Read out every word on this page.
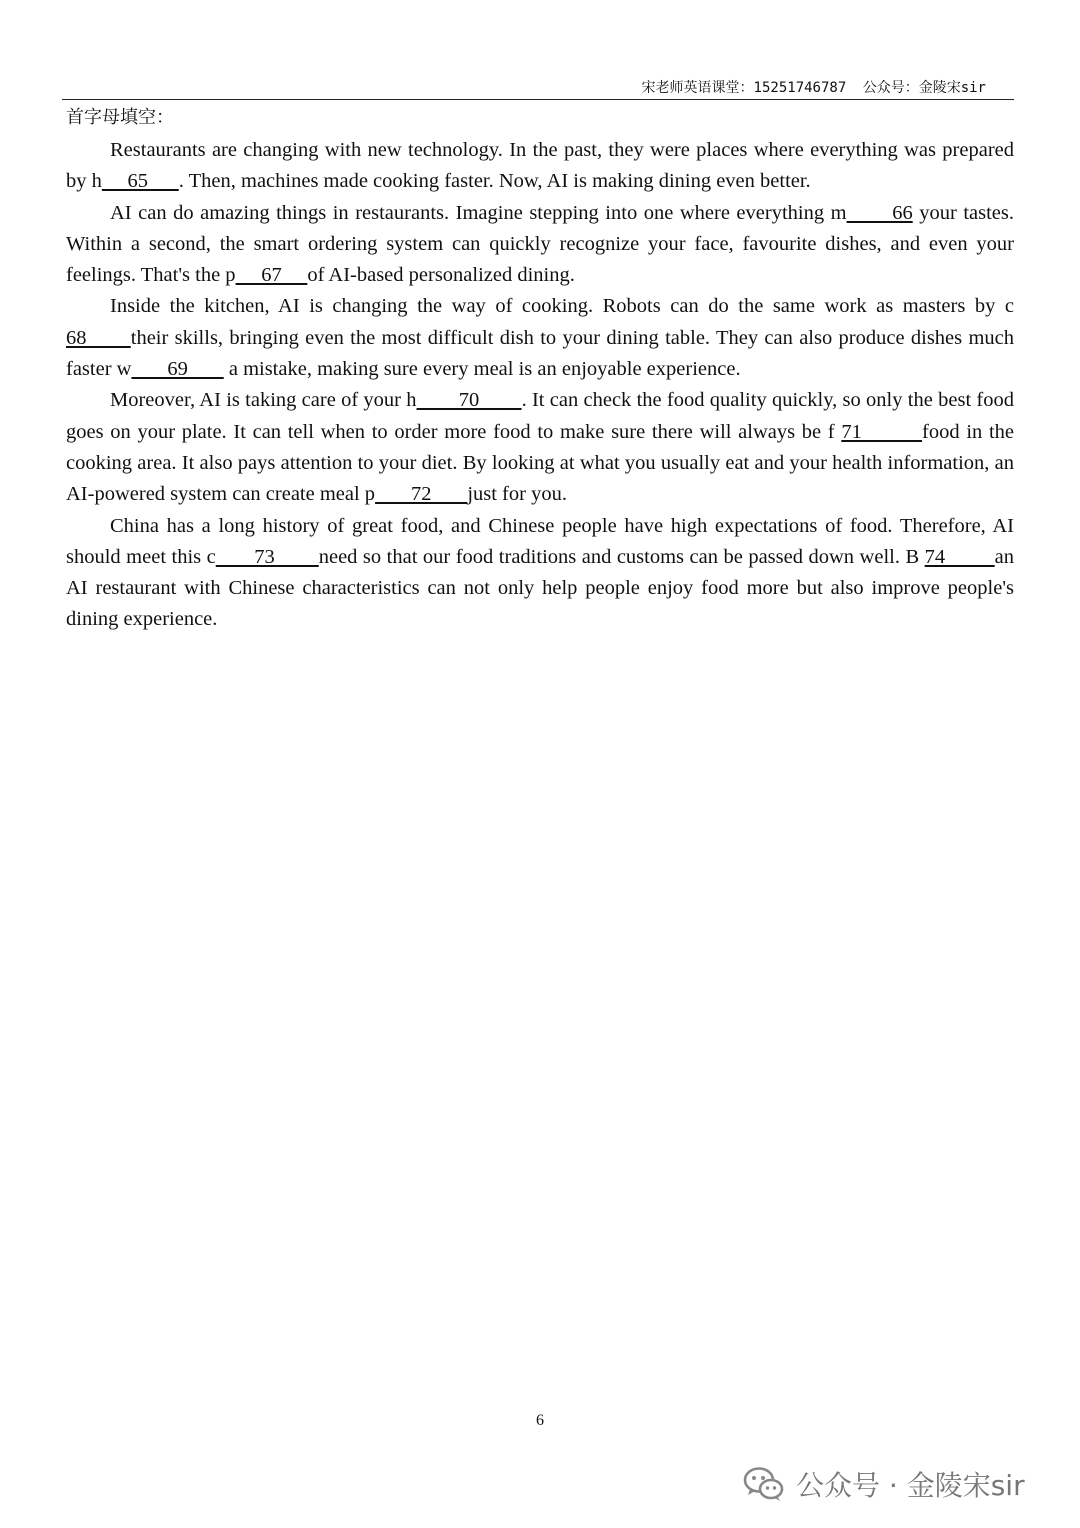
宋老师英语课堂：15251746787 公众号：金陵宋sir
首字母填空：

Restaurants are changing with new technology. In the past, they were places where everything was prepared by h     65      . Then, machines made cooking faster. Now, AI is making dining even better.

AI can do amazing things in restaurants. Imagine stepping into one where everything m       66 your tastes. Within a second, the smart ordering system can quickly recognize your face, favourite dishes, and even your feelings. That's the p     67     of AI-based personalized dining.

Inside the kitchen, AI is changing the way of cooking. Robots can do the same work as masters by c 68       their skills, bringing even the most difficult dish to your dining table. They can also produce dishes much faster w       69        a mistake, making sure every meal is an enjoyable experience.

Moreover, AI is taking care of your h        70        . It can check the food quality quickly, so only the best food goes on your plate. It can tell when to order more food to make sure there will always be f 71         food in the cooking area. It also pays attention to your diet. By looking at what you usually eat and your health information, an AI-powered system can create meal p       72       just for you.

China has a long history of great food, and Chinese people have high expectations of food. Therefore, AI should meet this c       73        need so that our food traditions and customs can be passed down well. B 74         an AI restaurant with Chinese characteristics can not only help people enjoy food more but also improve people's dining experience.

6
公众号 · 金陵宋sir
